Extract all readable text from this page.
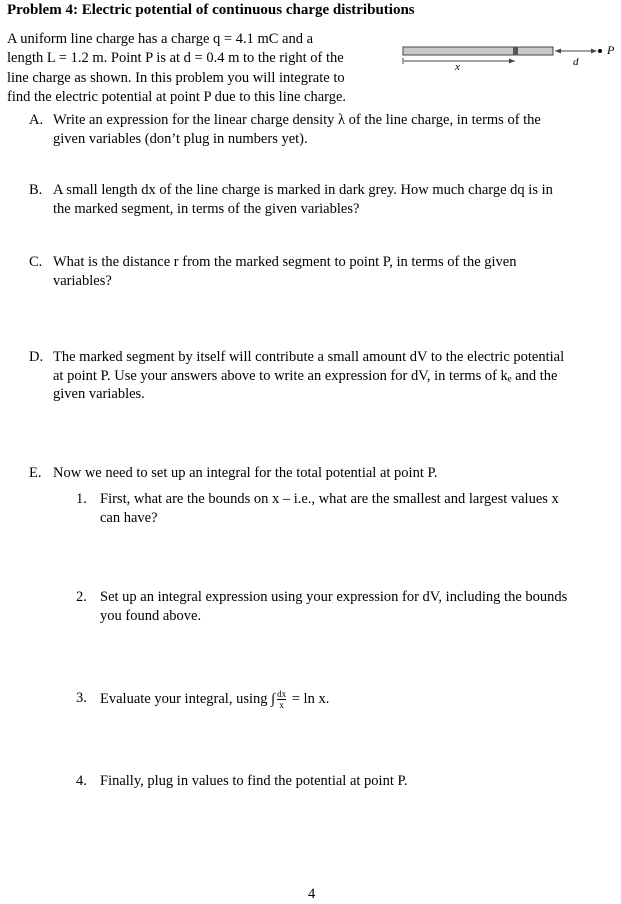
Problem 4: Electric potential of continuous charge distributions
A uniform line charge has a charge q = 4.1 mC and a
length L = 1.2 m. Point P is at d = 0.4 m to the right of the
line charge as shown. In this problem you will integrate to
find the electric potential at point P due to this line charge.
x	d
P
A. Write an expression for the linear charge density λ of the line charge, in terms of the
given variables (don’t plug in numbers yet).
B. A small length dx of the line charge is marked in dark grey. How much charge dq is in
the marked segment, in terms of the given variables?
C. What is the distance r from the marked segment to point P, in terms of the given
variables?
D. The marked segment by itself will contribute a small amount dV to the electric potential
at point P. Use your answers above to write an expression for dV, in terms of kₑ and the
given variables.
E. Now we need to set up an integral for the total potential at point P.
1. First, what are the bounds on x – i.e., what are the smallest and largest values x
can have?
2. Set up an integral expression using your expression for dV, including the bounds
you found above.
3. Evaluate your integral, using ∫ $\frac{dx}{x} = \ln x$.
4. Finally, plug in values to find the potential at point P.
4
